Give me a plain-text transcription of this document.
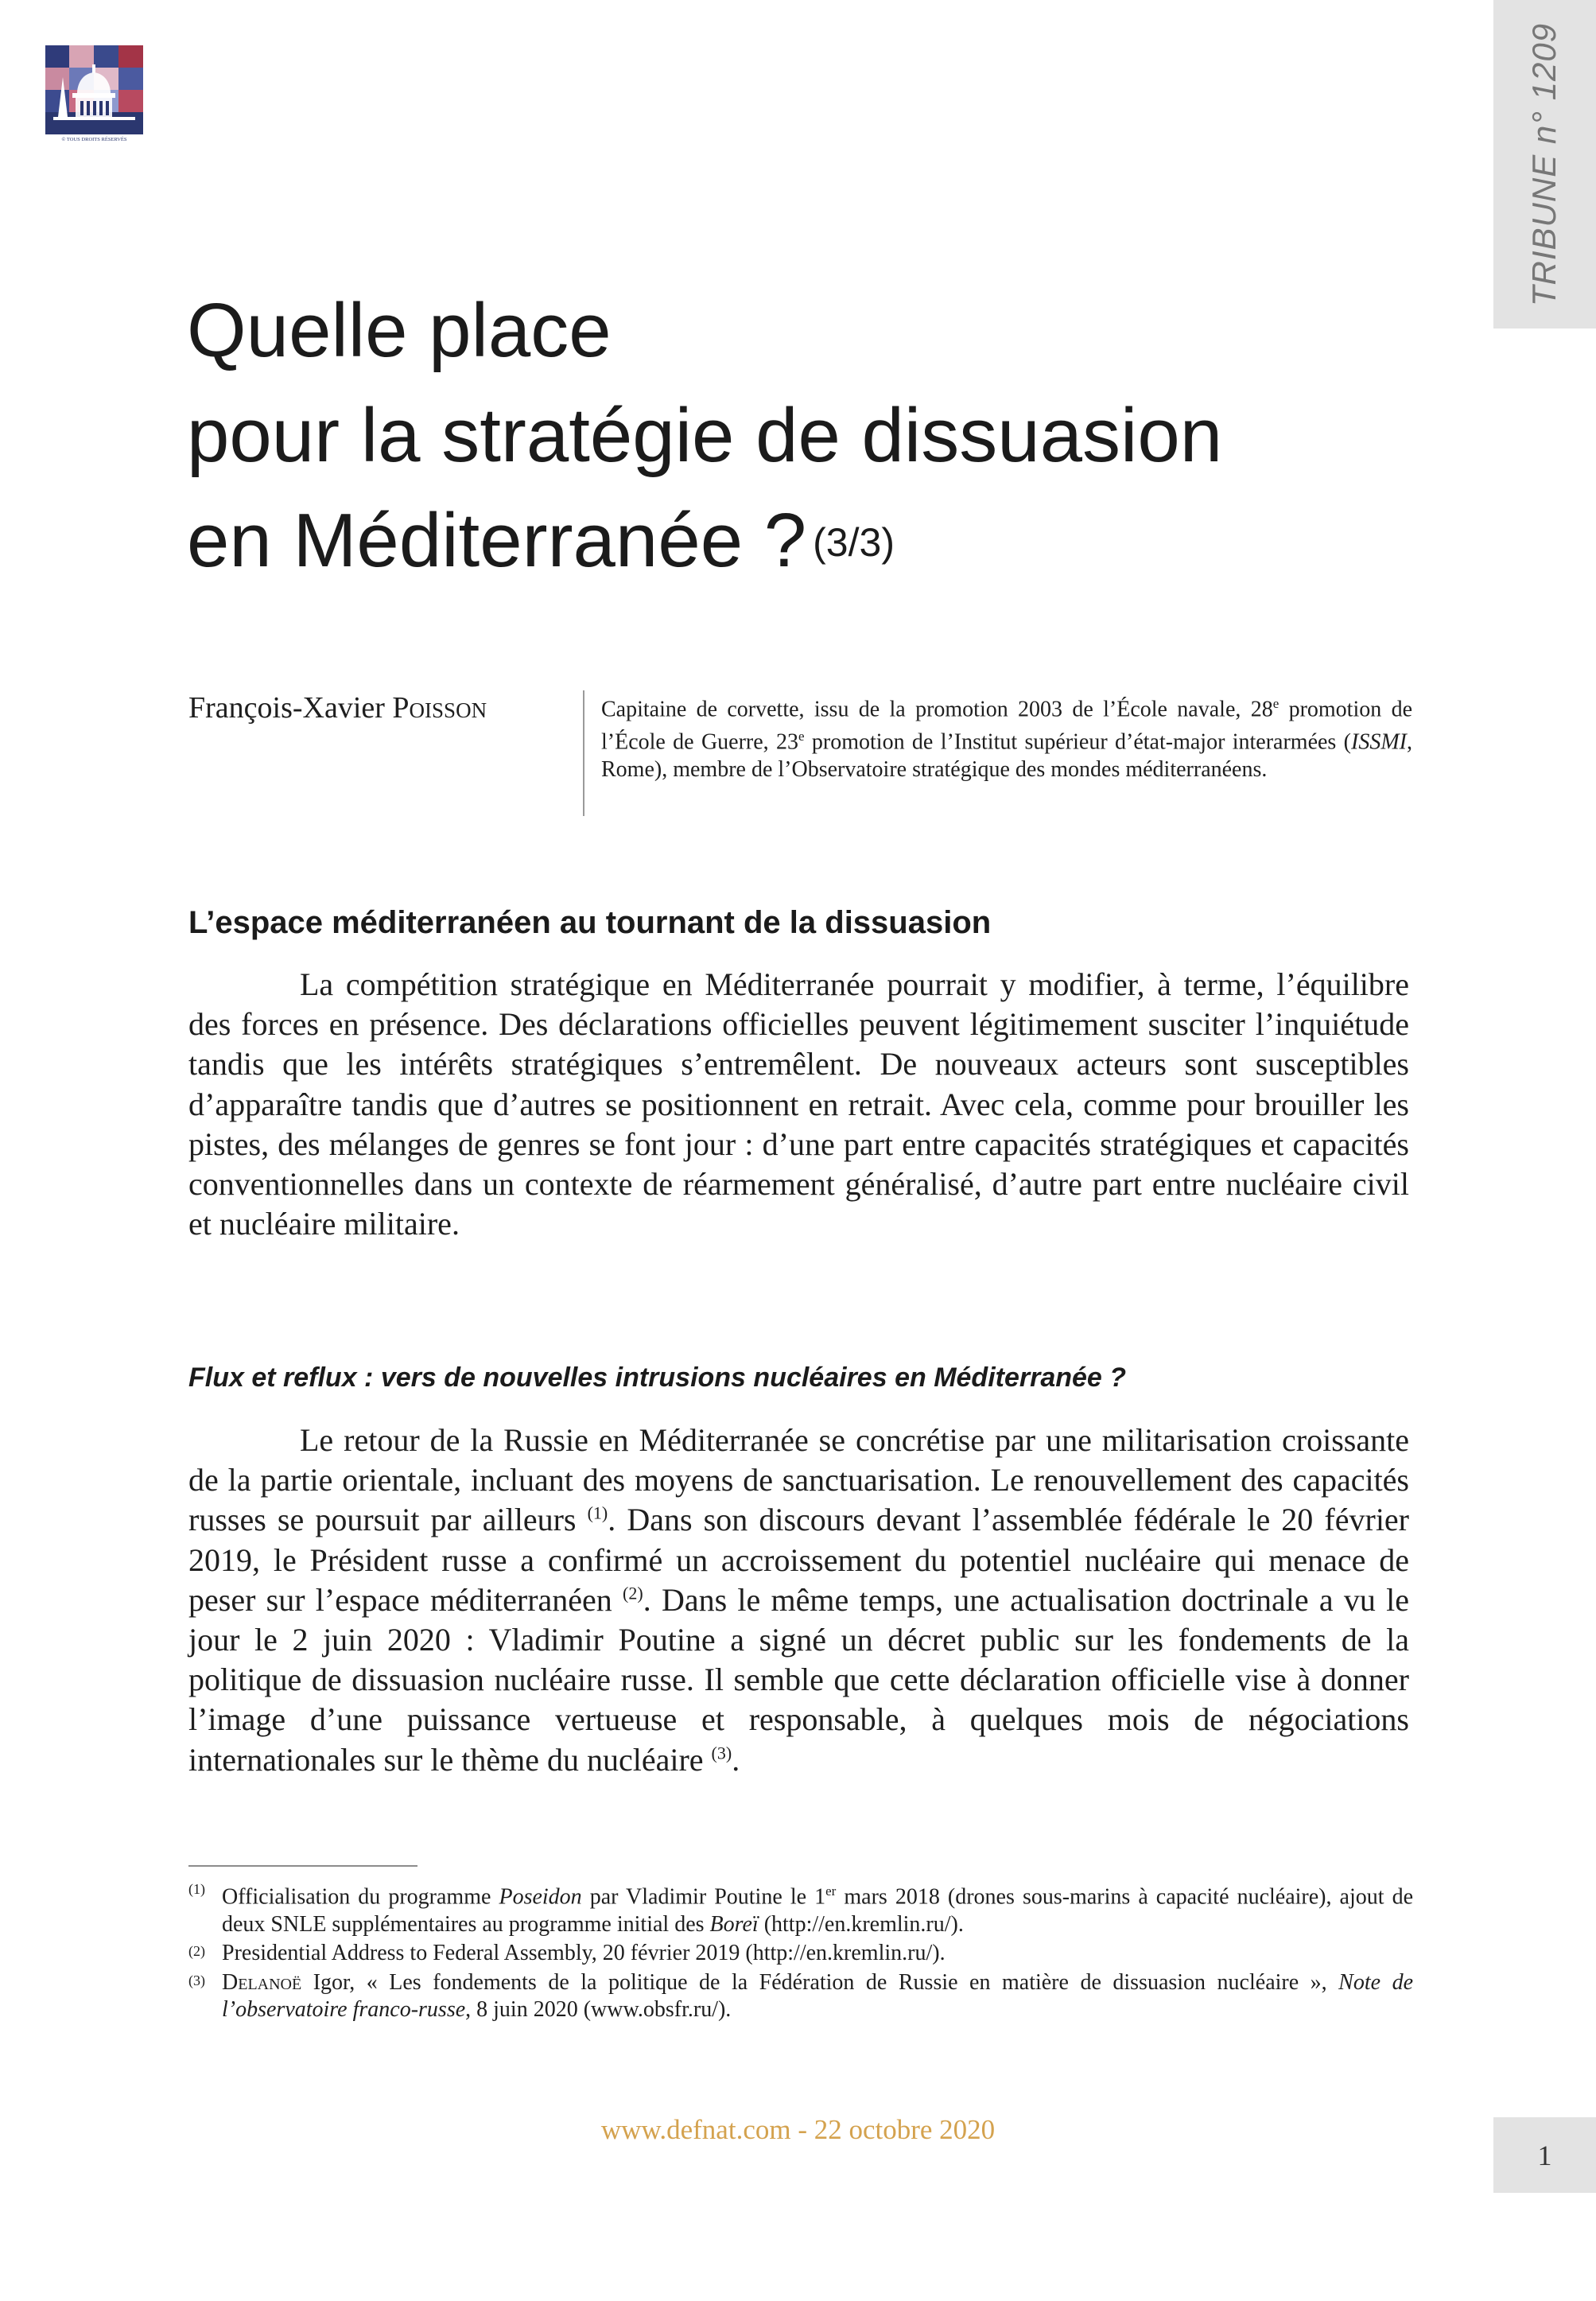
© TOUS DROITS RÉSERVÉS	TRIBUNE n° 1209
Quelle place
pour la stratégie de dissuasion
en Méditerranée ? $^{(3/3)}$
François-Xavier Poisson	Capitaine de corvette, issu de la promotion 2003 de l’École navale, 28e promotion de l’École de Guerre, 23e promotion de l’Institut supérieur d’état-major interarmées (ISSMI, Rome), membre de l’Observatoire stratégique des mondes méditerranéens.
L’espace méditerranéen au tournant de la dissuasion

La compétition stratégique en Méditerranée pourrait y modifier, à terme, l’équilibre des forces en présence. Des déclarations officielles peuvent légitimement susciter l’inquiétude tandis que les intérêts stratégiques s’entremêlent. De nouveaux acteurs sont susceptibles d’apparaître tandis que d’autres se positionnent en retrait. Avec cela, comme pour brouiller les pistes, des mélanges de genres se font jour : d’une part entre capacités stratégiques et capacités conventionnelles dans un contexte de réarmement généralisé, d’autre part entre nucléaire civil et nucléaire militaire.

Flux et reflux : vers de nouvelles intrusions nucléaires en Méditerranée ?

Le retour de la Russie en Méditerranée se concrétise par une militarisation croissante de la partie orientale, incluant des moyens de sanctuarisation. Le renouvellement des capacités russes se poursuit par ailleurs $^{(1)}$. Dans son discours devant l’assemblée fédérale le 20 février 2019, le Président russe a confirmé un accroissement du potentiel nucléaire qui menace de peser sur l’espace méditerranéen $^{(2)}$. Dans le même temps, une actualisation doctrinale a vu le jour le 2 juin 2020 : Vladimir Poutine a signé un décret public sur les fondements de la politique de dissuasion nucléaire russe. Il semble que cette déclaration officielle vise à donner l’image d’une puissance vertueuse et responsable, à quelques mois de négociations internationales sur le thème du nucléaire $^{(3)}$.

(1) Officialisation du programme Poseidon par Vladimir Poutine le 1er mars 2018 (drones sous-marins à capacité nucléaire), ajout de deux SNLE supplémentaires au programme initial des Boreï (http://en.kremlin.ru/).

(2) Presidential Address to Federal Assembly, 20 février 2019 (http://en.kremlin.ru/).

(3) Delanoë Igor, « Les fondements de la politique de la Fédération de Russie en matière de dissuasion nucléaire », Note de l’observatoire franco-russe, 8 juin 2020 (www.obsfr.ru/).

www.defnat.com - 22 octobre 2020
1
